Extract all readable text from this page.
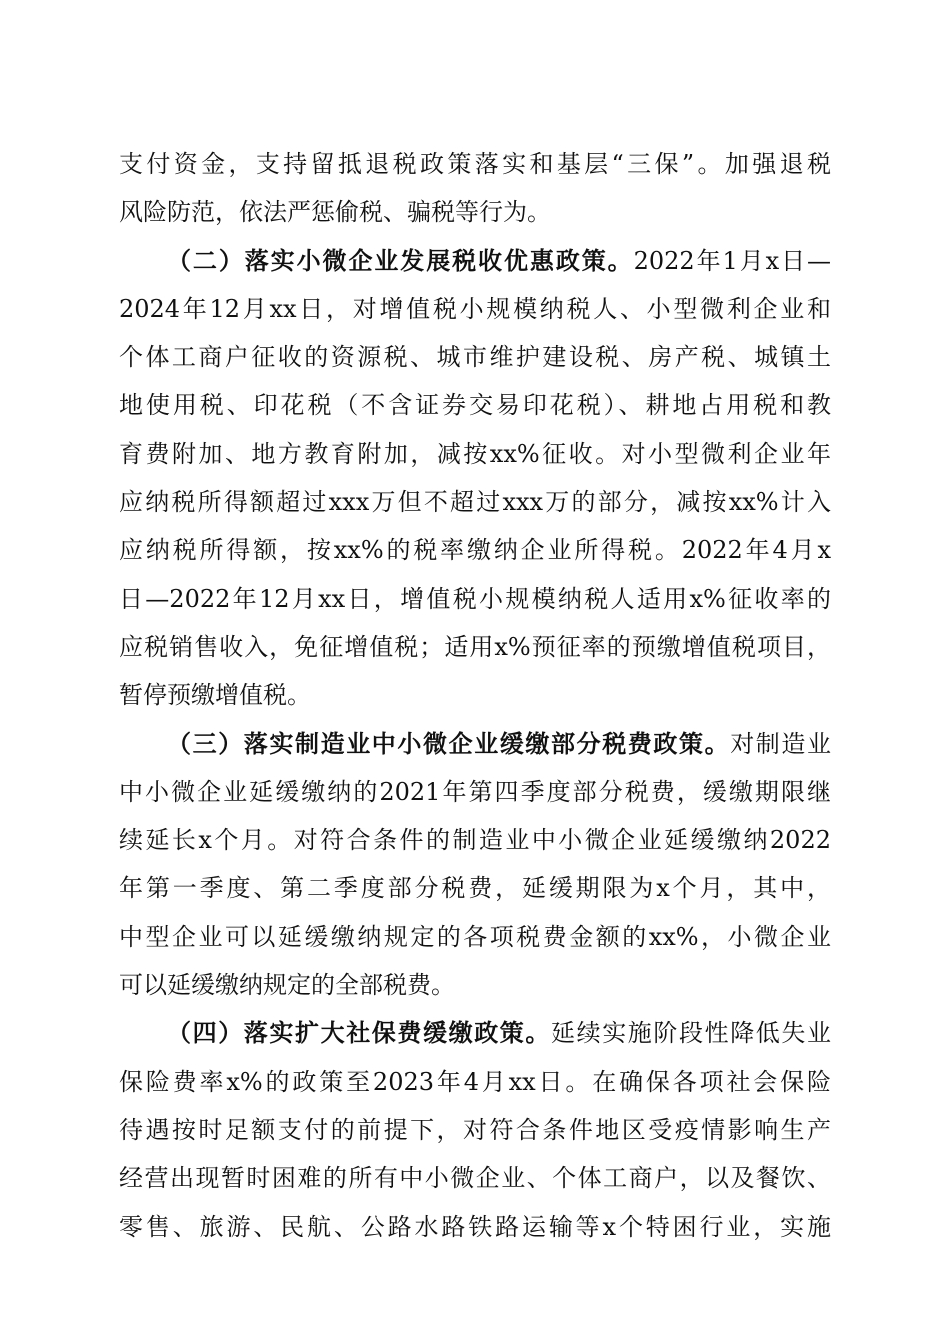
支付资金，支持留抵退税政策落实和基层“三保”。加强退税
风险防范，依法严惩偷税、骗税等行为。
（二）落实小微企业发展税收优惠政策。2022年1月x日—
2024年12月xx日，对增值税小规模纳税人、小型微利企业和
个体工商户征收的资源税、城市维护建设税、房产税、城镇土
地使用税、印花税（不含证券交易印花税）、耕地占用税和教
育费附加、地方教育附加，减按xx%征收。对小型微利企业年
应纳税所得额超过xxx万但不超过xxx万的部分，减按xx%计入
应纳税所得额，按xx%的税率缴纳企业所得税。2022年4月x
日—2022年12月xx日，增值税小规模纳税人适用x%征收率的
应税销售收入，免征增值税；适用x%预征率的预缴增值税项目，
暂停预缴增值税。
（三）落实制造业中小微企业缓缴部分税费政策。对制造业
中小微企业延缓缴纳的2021年第四季度部分税费，缓缴期限继
续延长x个月。对符合条件的制造业中小微企业延缓缴纳2022
年第一季度、第二季度部分税费，延缓期限为x个月，其中，
中型企业可以延缓缴纳规定的各项税费金额的xx%，小微企业
可以延缓缴纳规定的全部税费。
（四）落实扩大社保费缓缴政策。延续实施阶段性降低失业
保险费率x%的政策至2023年4月xx日。在确保各项社会保险
待遇按时足额支付的前提下，对符合条件地区受疫情影响生产
经营出现暂时困难的所有中小微企业、个体工商户，以及餐饮、
零售、旅游、民航、公路水路铁路运输等x个特困行业，实施
